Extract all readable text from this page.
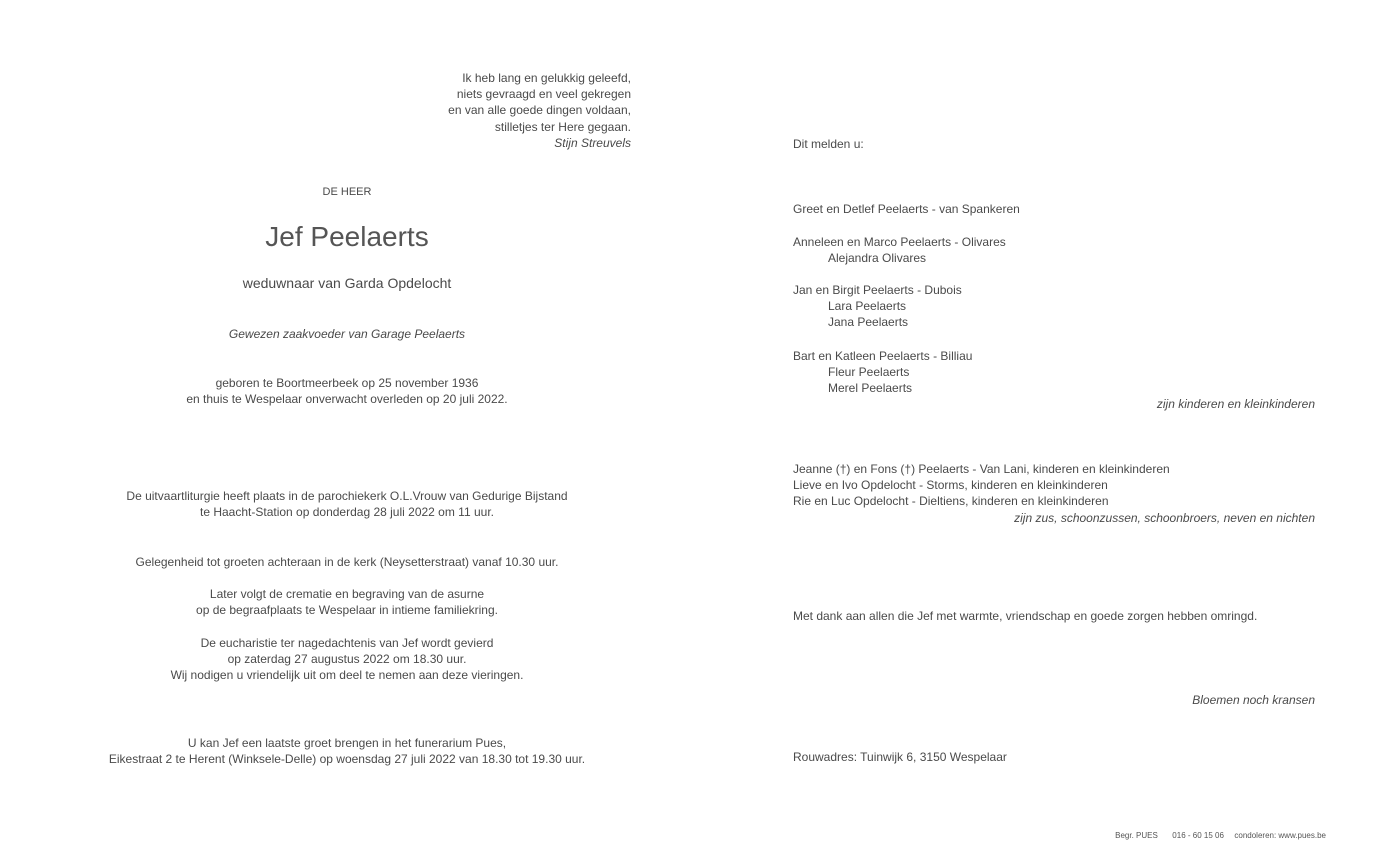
Ik heb lang en gelukkig geleefd,
niets gevraagd en veel gekregen
en van alle goede dingen voldaan,
stilletjes ter Here gegaan.
Stijn Streuvels
DE HEER
Jef Peelaerts
weduwnaar van Garda Opdelocht
Gewezen zaakvoeder van Garage Peelaerts
geboren te Boortmeerbeek op 25 november 1936
en thuis te Wespelaar onverwacht overleden op 20 juli 2022.
De uitvaartliturgie heeft plaats in de parochiekerk O.L.Vrouw van Gedurige Bijstand
te Haacht-Station op donderdag 28 juli 2022 om 11 uur.
Gelegenheid tot groeten achteraan in de kerk (Neysetterstraat) vanaf 10.30 uur.
Later volgt de crematie en begraving van de asurne
op de begraafplaats te Wespelaar in intieme familiekring.
De eucharistie ter nagedachtenis van Jef wordt gevierd
op zaterdag 27 augustus 2022 om 18.30 uur.
Wij nodigen u vriendelijk uit om deel te nemen aan deze vieringen.
U kan Jef een laatste groet brengen in het funerarium Pues,
Eikestraat 2 te Herent (Winksele-Delle) op woensdag 27 juli 2022 van 18.30 tot 19.30 uur.
Dit melden u:
Greet en Detlef Peelaerts - van Spankeren
Anneleen en Marco Peelaerts - Olivares
Alejandra Olivares
Jan en Birgit Peelaerts - Dubois
Lara Peelaerts
Jana Peelaerts
Bart en Katleen Peelaerts - Billiau
Fleur Peelaerts
Merel Peelaerts
zijn kinderen en kleinkinderen
Jeanne (†) en Fons (†) Peelaerts - Van Lani, kinderen en kleinkinderen
Lieve en Ivo Opdelocht - Storms, kinderen en kleinkinderen
Rie en Luc Opdelocht - Dieltiens, kinderen en kleinkinderen
zijn zus, schoonzussen, schoonbroers, neven en nichten
Met dank aan allen die Jef met warmte, vriendschap en goede zorgen hebben omringd.
Bloemen noch kransen
Rouwadres: Tuinwijk 6, 3150 Wespelaar
Begr. PUES 016 - 60 15 06 condoleren: www.pues.be
